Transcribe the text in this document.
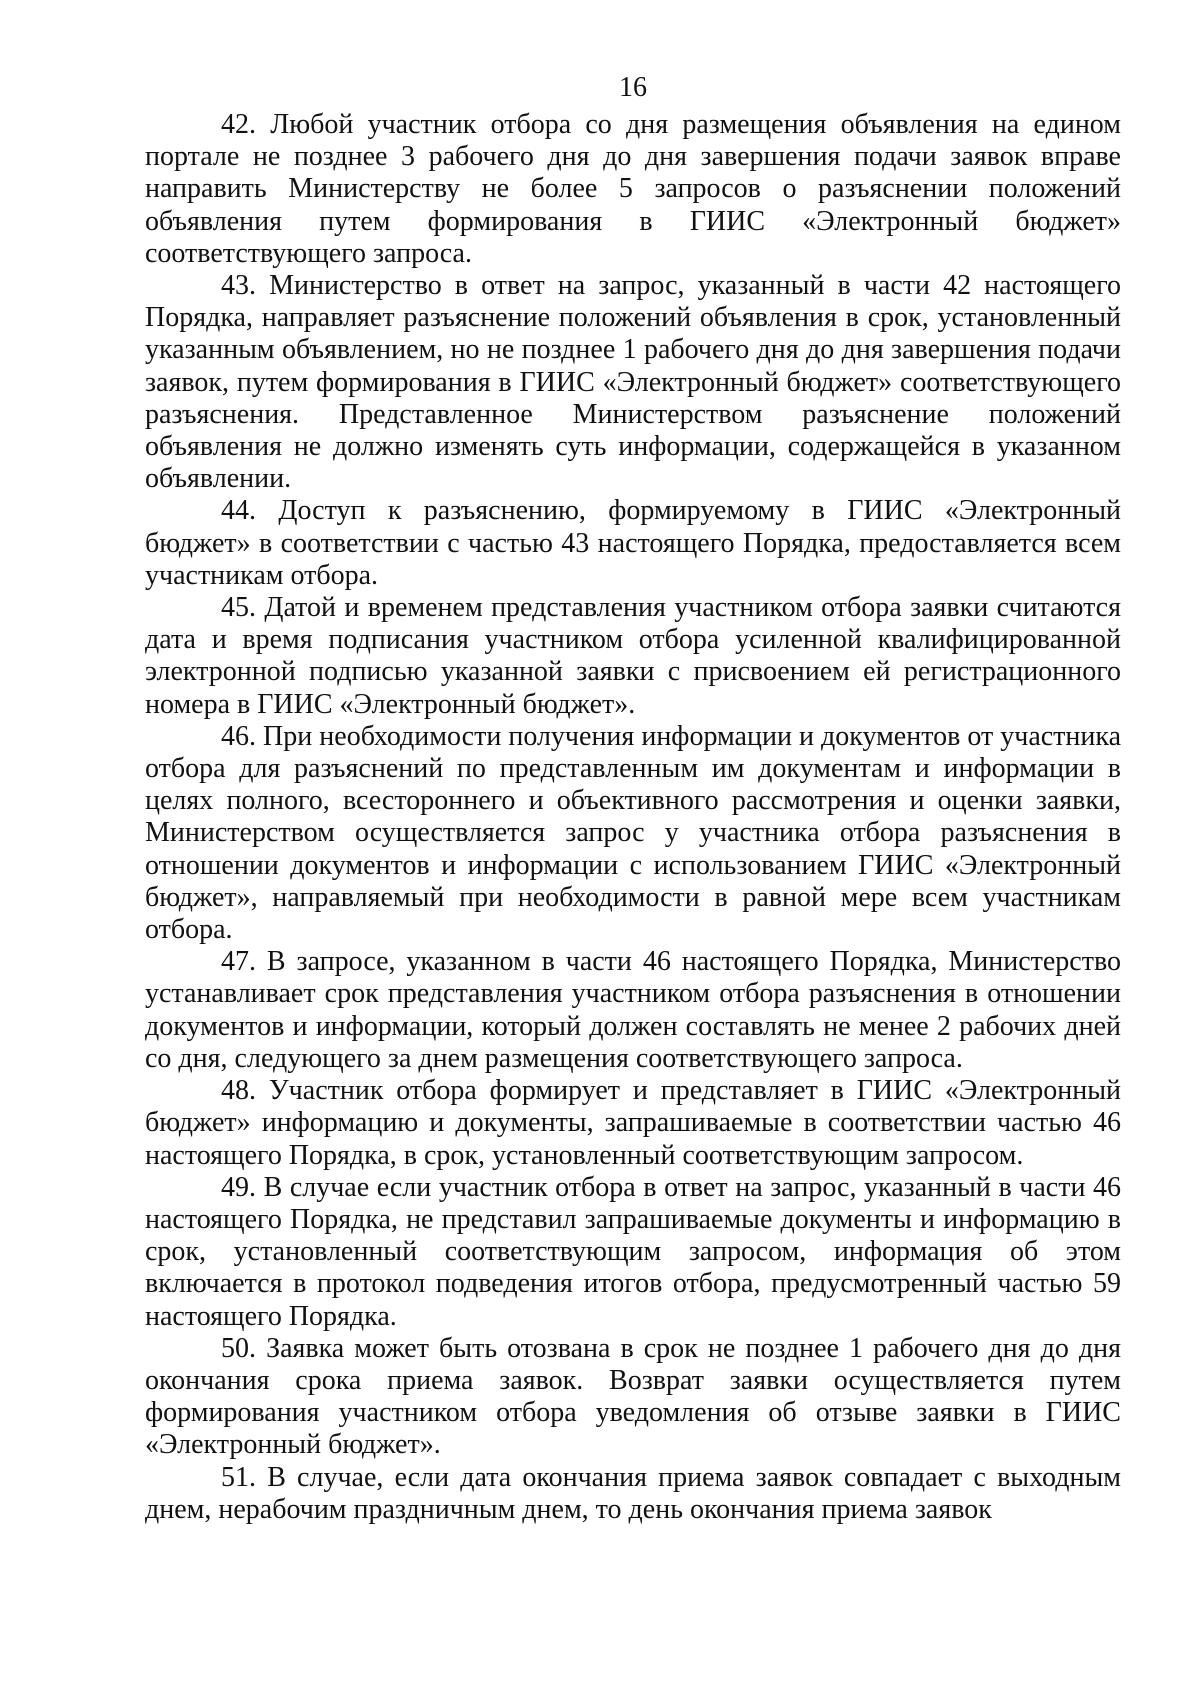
16

42. Любой участник отбора со дня размещения объявления на едином портале не позднее 3 рабочего дня до дня завершения подачи заявок вправе направить Министерству не более 5 запросов о разъяснении положений объявления путем формирования в ГИИС «Электронный бюджет» соответствующего запроса.

43. Министерство в ответ на запрос, указанный в части 42 настоящего Порядка, направляет разъяснение положений объявления в срок, установленный указанным объявлением, но не позднее 1 рабочего дня до дня завершения подачи заявок, путем формирования в ГИИС «Электронный бюджет» соответствующего разъяснения. Представленное Министерством разъяснение положений объявления не должно изменять суть информации, содержащейся в указанном объявлении.

44. Доступ к разъяснению, формируемому в ГИИС «Электронный бюджет» в соответствии с частью 43 настоящего Порядка, предоставляется всем участникам отбора.

45. Датой и временем представления участником отбора заявки считаются дата и время подписания участником отбора усиленной квалифицированной электронной подписью указанной заявки с присвоением ей регистрационного номера в ГИИС «Электронный бюджет».

46. При необходимости получения информации и документов от участника отбора для разъяснений по представленным им документам и информации в целях полного, всестороннего и объективного рассмотрения и оценки заявки, Министерством осуществляется запрос у участника отбора разъяснения в отношении документов и информации с использованием ГИИС «Электронный бюджет», направляемый при необходимости в равной мере всем участникам отбора.

47. В запросе, указанном в части 46 настоящего Порядка, Министерство устанавливает срок представления участником отбора разъяснения в отношении документов и информации, который должен составлять не менее 2 рабочих дней со дня, следующего за днем размещения соответствующего запроса.

48. Участник отбора формирует и представляет в ГИИС «Электронный бюджет» информацию и документы, запрашиваемые в соответствии частью 46 настоящего Порядка, в срок, установленный соответствующим запросом.

49. В случае если участник отбора в ответ на запрос, указанный в части 46 настоящего Порядка, не представил запрашиваемые документы и информацию в срок, установленный соответствующим запросом, информация об этом включается в протокол подведения итогов отбора, предусмотренный частью 59 настоящего Порядка.

50. Заявка может быть отозвана в срок не позднее 1 рабочего дня до дня окончания срока приема заявок. Возврат заявки осуществляется путем формирования участником отбора уведомления об отзыве заявки в ГИИС «Электронный бюджет».

51. В случае, если дата окончания приема заявок совпадает с выходным днем, нерабочим праздничным днем, то день окончания приема заявок
